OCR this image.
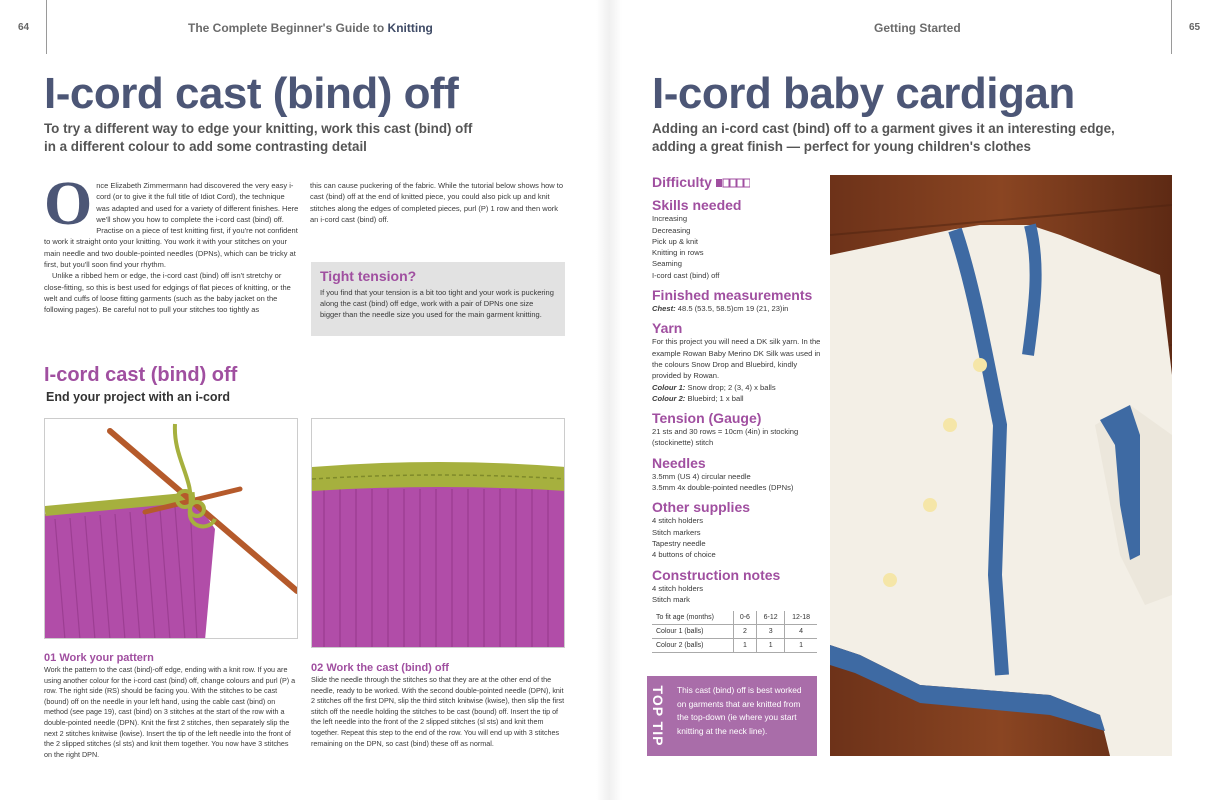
64	The Complete Beginner's Guide to Knitting
I-cord cast (bind) off
To try a different way to edge your knitting, work this cast (bind) off in a different colour to add some contrasting detail
O nce Elizabeth Zimmermann had discovered the very easy i-cord (or to give it the full title of Idiot Cord), the technique was adapted and used for a variety of different finishes. Here we'll show you how to complete the i-cord cast (bind) off. Practise on a piece of test knitting first, if you're not confident to work it straight onto your knitting. You work it with your stitches on your main needle and two double-pointed needles (DPNs), which can be tricky at first, but you'll soon find your rhythm.
Unlike a ribbed hem or edge, the i-cord cast (bind) off isn't stretchy or close-fitting, so this is best used for edgings of flat pieces of knitting, or the welt and cuffs of loose fitting garments (such as the baby jacket on the following pages). Be careful not to pull your stitches too tightly as
this can cause puckering of the fabric. While the tutorial below shows how to cast (bind) off at the end of knitted piece, you could also pick up and knit stitches along the edges of completed pieces, purl (P) 1 row and then work an i-cord cast (bind) off.
Tight tension?
If you find that your tension is a bit too tight and your work is puckering along the cast (bind) off edge, work with a pair of DPNs one size bigger than the needle size you used for the main garment knitting.
I-cord cast (bind) off
End your project with an i-cord
01 Work your pattern
Work the pattern to the cast (bind)-off edge, ending with a knit row. If you are using another colour for the i-cord cast (bind) off, change colours and purl (P) a row. The right side (RS) should be facing you. With the stitches to be cast (bound) off on the needle in your left hand, using the cable cast (bind) on method (see page 19), cast (bind) on 3 stitches at the start of the row with a double-pointed needle (DPN). Knit the first 2 stitches, then separately slip the next 2 stitches knitwise (kwise). Insert the tip of the left needle into the front of the 2 slipped stitches (sl sts) and knit them together. You now have 3 stitches on the right DPN.
02 Work the cast (bind) off
Slide the needle through the stitches so that they are at the other end of the needle, ready to be worked. With the second double-pointed needle (DPN), knit 2 stitches off the first DPN, slip the third stitch knitwise (kwise), then slip the first stitch off the needle holding the stitches to be cast (bound) off. Insert the tip of the left needle into the front of the 2 slipped stitches (sl sts) and knit them together. Repeat this step to the end of the row. You will end up with 3 stitches remaining on the DPN, so cast (bind) these off as normal.
Getting Started	65
I-cord baby cardigan
Adding an i-cord cast (bind) off to a garment gives it an interesting edge, adding a great finish — perfect for young children's clothes
Difficulty
Skills needed
Increasing
Decreasing
Pick up & knit
Knitting in rows
Seaming
I-cord cast (bind) off
Finished measurements
Chest: 48.5 (53.5, 58.5)cm 19 (21, 23)in
Yarn
For this project you will need a DK silk yarn. In the example Rowan Baby Merino DK Silk was used in the colours Snow Drop and Bluebird, kindly provided by Rowan.
Colour 1: Snow drop; 2 (3, 4) x balls
Colour 2: Bluebird; 1 x ball
Tension (Gauge)
21 sts and 30 rows = 10cm (4in) in stocking (stockinette) stitch
Needles
3.5mm (US 4) circular needle
3.5mm 4x double-pointed needles (DPNs)
Other supplies
4 stitch holders
Stitch markers
Tapestry needle
4 buttons of choice
Construction notes
4 stitch holders
Stitch mark
To fit age (months)	0-6	6-12	12-18
Colour 1 (balls)	2	3	4
Colour 2 (balls)	1	1	1
TOP TIP This cast (bind) off is best worked on garments that are knitted from the top-down (ie where you start knitting at the neck line).
